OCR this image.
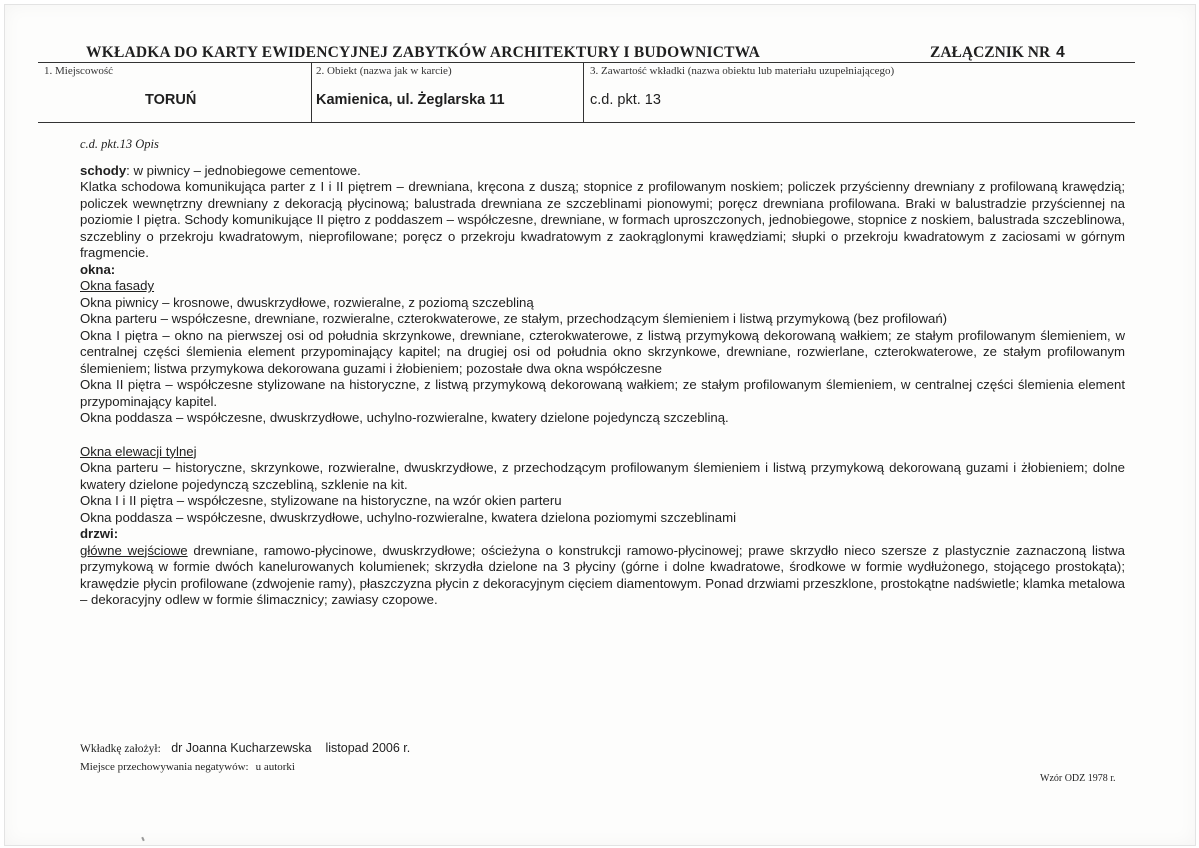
WKŁADKA DO KARTY EWIDENCYJNEJ ZABYTKÓW ARCHITEKTURY I BUDOWNICTWA	ZAŁĄCZNIK NR 4
1. Miejscowość
TORUŃ
2. Obiekt (nazwa jak w karcie)
Kamienica, ul. Żeglarska 11
3. Zawartość wkładki (nazwa obiektu lub materiału uzupełniającego)
c.d. pkt. 13
c.d. pkt.13 Opis

schody: w piwnicy – jednobiegowe cementowe.

Klatka schodowa komunikująca parter z I i II piętrem – drewniana, kręcona z duszą; stopnice z profilowanym noskiem; policzek przyścienny drewniany z profilowaną krawędzią; policzek wewnętrzny drewniany z dekoracją płycinową; balustrada drewniana ze szczeblinami pionowymi; poręcz drewniana profilowana. Braki w balustradzie przyściennej na poziomie I piętra. Schody komunikujące II piętro z poddaszem – współczesne, drewniane, w formach uproszczonych, jednobiegowe, stopnice z noskiem, balustrada szczeblinowa, szczebliny o przekroju kwadratowym, nieprofilowane; poręcz o przekroju kwadratowym z zaokrąglonymi krawędziami; słupki o przekroju kwadratowym z zaciosami w górnym fragmencie.

okna:

Okna fasady

Okna piwnicy – krosnowe, dwuskrzydłowe, rozwieralne, z poziomą szczebliną

Okna parteru – współczesne, drewniane, rozwieralne, czterokwaterowe, ze stałym, przechodzącym ślemieniem i listwą przymykową (bez profilowań)

Okna I piętra – okno na pierwszej osi od południa skrzynkowe, drewniane, czterokwaterowe, z listwą przymykową dekorowaną wałkiem; ze stałym profilowanym ślemieniem, w centralnej części ślemienia element przypominający kapitel; na drugiej osi od południa okno skrzynkowe, drewniane, rozwierlane, czterokwaterowe, ze stałym profilowanym ślemieniem; listwa przymykowa dekorowana guzami i żłobieniem; pozostałe dwa okna współczesne

Okna II piętra – współczesne stylizowane na historyczne, z listwą przymykową dekorowaną wałkiem; ze stałym profilowanym ślemieniem, w centralnej części ślemienia element przypominający kapitel.

Okna poddasza – współczesne, dwuskrzydłowe, uchylno-rozwieralne, kwatery dzielone pojedynczą szczebliną.

Okna elewacji tylnej

Okna parteru – historyczne, skrzynkowe, rozwieralne, dwuskrzydłowe, z przechodzącym profilowanym ślemieniem i listwą przymykową dekorowaną guzami i żłobieniem; dolne kwatery dzielone pojedynczą szczebliną, szklenie na kit.

Okna I i II piętra – współczesne, stylizowane na historyczne, na wzór okien parteru

Okna poddasza – współczesne, dwuskrzydłowe, uchylno-rozwieralne, kwatera dzielona poziomymi szczeblinami

drzwi:

główne wejściowe drewniane, ramowo-płycinowe, dwuskrzydłowe; ościeżyna o konstrukcji ramowo-płycinowej; prawe skrzydło nieco szersze z plastycznie zaznaczoną listwa przymykową w formie dwóch kanelurowanych kolumienek; skrzydła dzielone na 3 płyciny (górne i dolne kwadratowe, środkowe w formie wydłużonego, stojącego prostokąta); krawędzie płycin profilowane (zdwojenie ramy), płaszczyzna płycin z dekoracyjnym cięciem diamentowym. Ponad drzwiami przeszklone, prostokątne nadświetle; klamka metalowa – dekoracyjny odlew w formie ślimacznicy; zawiasy czopowe.

Wkładkę założył: dr Joanna Kucharzewska listopad 2006 r.
Miejsce przechowywania negatywów: u autorki
Wzór ODZ 1978 r.
